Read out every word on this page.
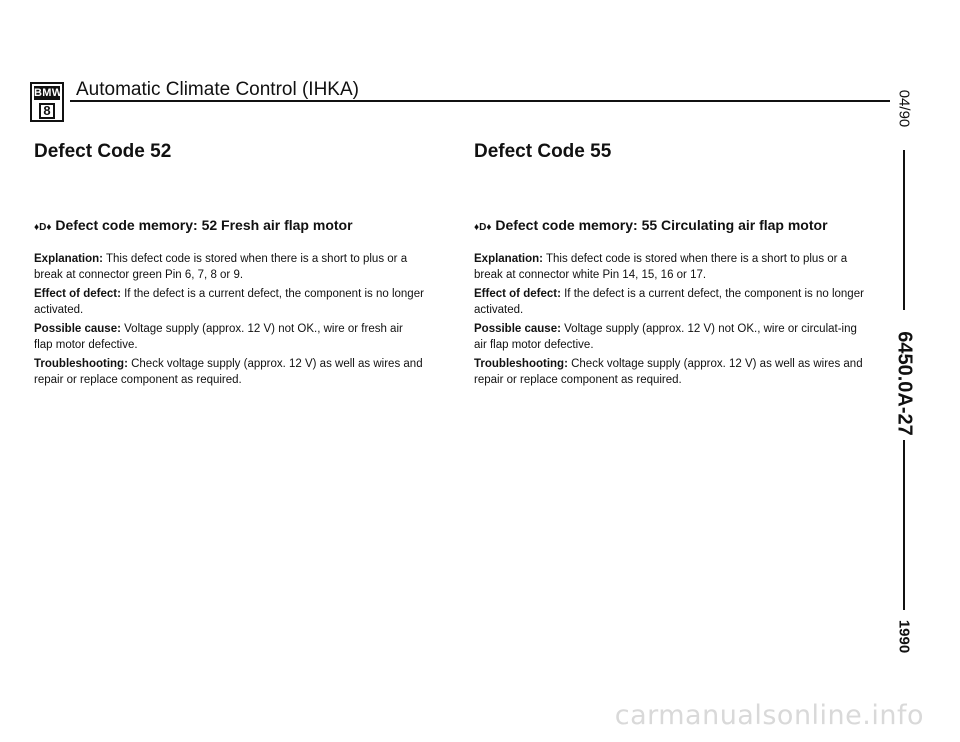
BMW
8
Automatic Climate Control (IHKA)
Defect Code 52
♦D♦ Defect code memory: 52 Fresh air flap motor

Explanation: This defect code is stored when there is a short to plus or a break at connector green Pin 6, 7, 8 or 9.

Effect of defect: If the defect is a current defect, the component is no longer activated.

Possible cause: Voltage supply (approx. 12 V) not OK., wire or fresh air flap motor defective.

Troubleshooting: Check voltage supply (approx. 12 V) as well as wires and repair or replace component as required.

Defect Code 55
♦D♦ Defect code memory: 55 Circulating air flap motor

Explanation: This defect code is stored when there is a short to plus or a break at connector white Pin 14, 15, 16 or 17.

Effect of defect: If the defect is a current defect, the component is no longer activated.

Possible cause: Voltage supply (approx. 12 V) not OK., wire or circulat-ing air flap motor defective.

Troubleshooting: Check voltage supply (approx. 12 V) as well as wires and repair or replace component as required.

04/90
6450.0A-27
1990
carmanualsonline.info
